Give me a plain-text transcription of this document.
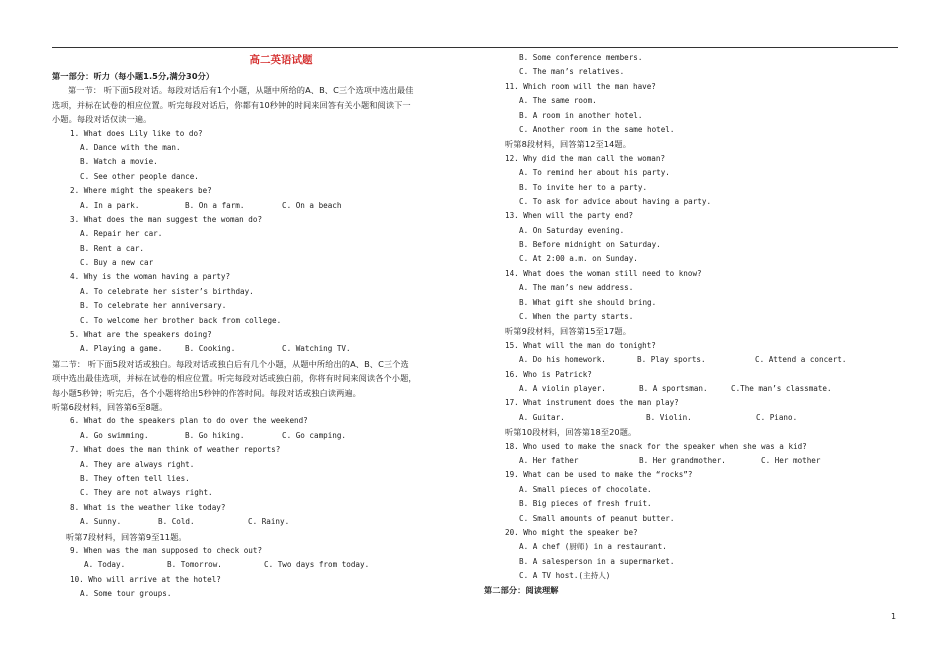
高二英语试题
第一部分：听力（每小题1.5分,满分30分）
第一节： 听下面5段对话。每段对话后有1个小题，从题中所给的A、B、C三个选项中选出最佳
选项，并标在试卷的相应位置。听完每段对话后，你都有10秒钟的时间来回答有关小题和阅读下一
小题。每段对话仅读一遍。
1. What does Lily like to do?
A. Dance with the man.
B. Watch a movie.
C. See other people dance.
2. Where might the speakers be?
A. In a park.	B. On a farm.	C. On a beach
3. What does the man suggest the woman do?
A. Repair her car.
B. Rent a car.
C. Buy a new car
4. Why is the woman having a party?
A. To celebrate her sister’s birthday.
B. To celebrate her anniversary.
C. To welcome her brother back from college.
5. What are the speakers doing?
A. Playing a game.	B. Cooking.	C. Watching TV.
第二节： 听下面5段对话或独白。每段对话或独白后有几个小题，从题中所给出的A、B、C三个选
项中选出最佳选项，并标在试卷的相应位置。听完每段对话或独白前，你将有时间来阅读各个小题，
每小题5秒钟；听完后，各个小题将给出5秒钟的作答时间。每段对话或独白读两遍。
听第6段材料，回答第6至8题。
6. What do the speakers plan to do over the weekend?
A. Go swimming.	B. Go hiking.	C. Go camping.
7. What does the man think of weather reports?
A. They are always right.
B. They often tell lies.
C. They are not always right.
8. What is the weather like today?
A. Sunny.	B. Cold.	C. Rainy.
听第7段材料，回答第9至11题。
9. When was the man supposed to check out?
A. Today.	B. Tomorrow.	C. Two days from today.
10. Who will arrive at the hotel?
A. Some tour groups.
B. Some conference members.
C. The man’s relatives.
11. Which room will the man have?
A. The same room.
B. A room in another hotel.
C. Another room in the same hotel.
听第8段材料，回答第12至14题。
12. Why did the man call the woman?
A. To remind her about his party.
B. To invite her to a party.
C. To ask for advice about having a party.
13. When will the party end?
A. On Saturday evening.
B. Before midnight on Saturday.
C. At 2:00 a.m. on Sunday.
14. What does the woman still need to know?
A. The man’s new address.
B. What gift she should bring.
C. When the party starts.
听第9段材料，回答第15至17题。
15. What will the man do tonight?
A. Do his homework.	B. Play sports.	C. Attend a concert.
16. Who is Patrick?
A. A violin player.	B. A sportsman.	C.The man’s classmate.
17. What instrument does the man play?
A. Guitar.	B. Violin.	C. Piano.
听第10段材料，回答第18至20题。
18. Who used to make the snack for the speaker when she was a kid?
A. Her father	B. Her grandmother.	C. Her mother
19. What can be used to make the “rocks”?
A. Small pieces of chocolate.
B. Big pieces of fresh fruit.
C. Small amounts of peanut butter.
20. Who might the speaker be?
A. A chef (厨师) in a restaurant.
B. A salesperson in a supermarket.
C. A TV host.(主持人)
第二部分：阅读理解
1
